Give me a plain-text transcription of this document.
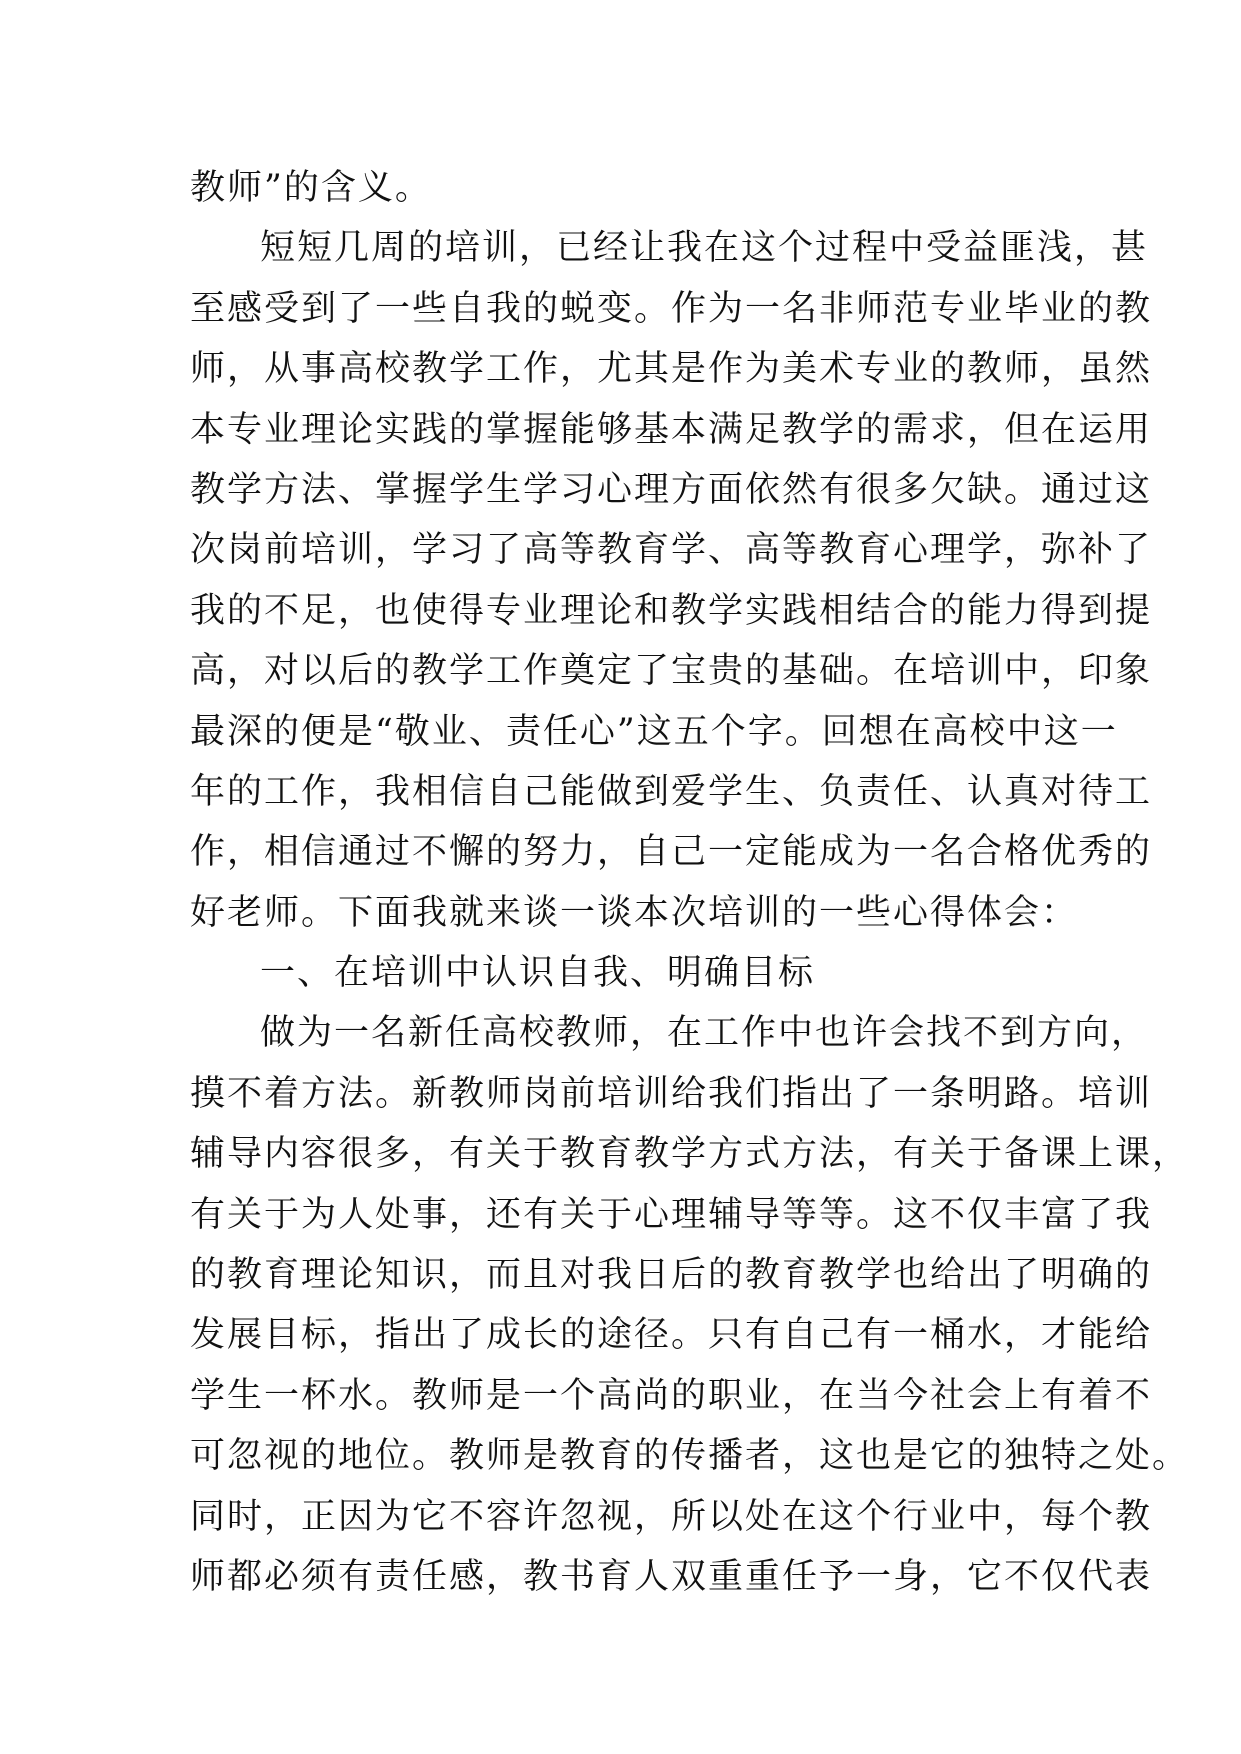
教师”的含义。
短短几周的培训，已经让我在这个过程中受益匪浅，甚
至感受到了一些自我的蜕变。作为一名非师范专业毕业的教
师，从事高校教学工作，尤其是作为美术专业的教师，虽然
本专业理论实践的掌握能够基本满足教学的需求，但在运用
教学方法、掌握学生学习心理方面依然有很多欠缺。通过这
次岗前培训，学习了高等教育学、高等教育心理学，弥补了
我的不足，也使得专业理论和教学实践相结合的能力得到提
高，对以后的教学工作奠定了宝贵的基础。在培训中，印象
最深的便是“敬业、责任心”这五个字。回想在高校中这一
年的工作，我相信自己能做到爱学生、负责任、认真对待工
作，相信通过不懈的努力，自己一定能成为一名合格优秀的
好老师。下面我就来谈一谈本次培训的一些心得体会：
一、在培训中认识自我、明确目标
做为一名新任高校教师，在工作中也许会找不到方向，
摸不着方法。新教师岗前培训给我们指出了一条明路。培训
辅导内容很多，有关于教育教学方式方法，有关于备课上课，
有关于为人处事，还有关于心理辅导等等。这不仅丰富了我
的教育理论知识，而且对我日后的教育教学也给出了明确的
发展目标，指出了成长的途径。只有自己有一桶水，才能给
学生一杯水。教师是一个高尚的职业，在当今社会上有着不
可忽视的地位。教师是教育的传播者，这也是它的独特之处。
同时，正因为它不容许忽视，所以处在这个行业中，每个教
师都必须有责任感，教书育人双重重任予一身，它不仅代表
